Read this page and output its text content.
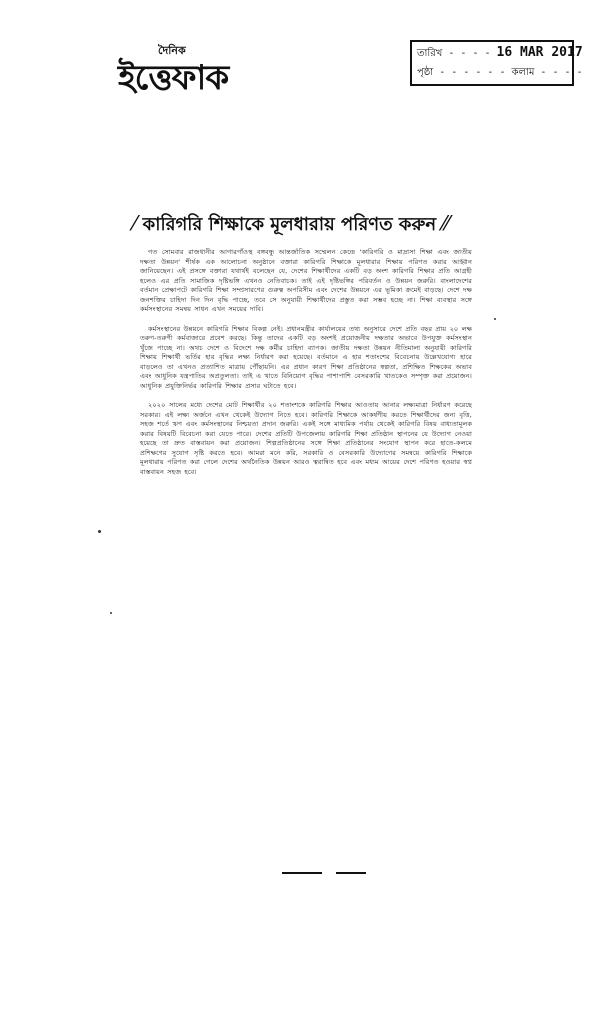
দৈনিক
ইত্তেফাক
তারিখ - - - - 16 MAR 2017
পৃষ্ঠা - - - - - - কলাম - - - -
⁄ কারিগরি শিক্ষাকে মূলধারায় পরিণত করুন ⁄⁄

গত সোমবার রাজধানীর আগারগাঁওস্থ বঙ্গবন্ধু আন্তর্জাতিক সম্মেলন কেন্দ্রে 'কারিগরি ও মাদ্রাসা শিক্ষা এবং জাতীয় দক্ষতা উন্নয়ন' শীর্ষক এক আলোচনা অনুষ্ঠানে বক্তারা কারিগরি শিক্ষাকে মূলধারার শিক্ষায় পরিণত করার আহ্বান জানিয়েছেন। এই প্রসঙ্গে বক্তারা যথার্থই বলেছেন যে, দেশের শিক্ষার্থীদের একটি বড় অংশ কারিগরি শিক্ষার প্রতি আগ্রহী হলেও এর প্রতি সামাজিক দৃষ্টিভঙ্গি এখনও নেতিবাচক। তাই এই দৃষ্টিভঙ্গির পরিবর্তন ও উন্নয়ন জরুরি। বাংলাদেশের বর্তমান প্রেক্ষাপটে কারিগরি শিক্ষা সম্প্রসারণের গুরুত্ব অপরিসীম এবং দেশের উন্নয়নে এর ভূমিকা ক্রমেই বাড়ছে। দেশে দক্ষ জনশক্তির চাহিদা দিন দিন বৃদ্ধি পাচ্ছে, তবে সে অনুযায়ী শিক্ষার্থীদের প্রস্তুত করা সম্ভব হচ্ছে না। শিক্ষা ব্যবস্থার সঙ্গে কর্মসংস্থানের সমন্বয় সাধন এখন সময়ের দাবি।

কর্মসংস্থানের উন্নয়নে কারিগরি শিক্ষার বিকল্প নেই। প্রধানমন্ত্রীর কার্যালয়ের তথ্য অনুসারে দেশে প্রতি বছর প্রায় ২০ লক্ষ তরুণ-তরুণী কর্মবাজারে প্রবেশ করছে। কিন্তু তাদের একটি বড় অংশই প্রয়োজনীয় দক্ষতার অভাবে উপযুক্ত কর্মসংস্থান খুঁজে পাচ্ছে না। অথচ দেশে ও বিদেশে দক্ষ কর্মীর চাহিদা ব্যাপক। জাতীয় দক্ষতা উন্নয়ন নীতিমালা অনুযায়ী কারিগরি শিক্ষায় শিক্ষার্থী ভর্তির হার বৃদ্ধির লক্ষ্য নির্ধারণ করা হয়েছে। বর্তমানে এ হার শতাংশের বিবেচনায় উল্লেখযোগ্য হারে বাড়লেও তা এখনও প্রত্যাশিত মাত্রায় পৌঁছায়নি। এর প্রধান কারণ শিক্ষা প্রতিষ্ঠানের স্বল্পতা, প্রশিক্ষিত শিক্ষকের অভাব এবং আধুনিক যন্ত্রপাতির অপ্রতুলতা। তাই এ খাতে বিনিয়োগ বৃদ্ধির পাশাপাশি বেসরকারি খাতকেও সম্পৃক্ত করা প্রয়োজন। আধুনিক প্রযুক্তিনির্ভর কারিগরি শিক্ষার প্রসার ঘটাতে হবে।

২০২০ সালের মধ্যে দেশের মোট শিক্ষার্থীর ২০ শতাংশকে কারিগরি শিক্ষার আওতায় আনার লক্ষ্যমাত্রা নির্ধারণ করেছে সরকার। এই লক্ষ্য অর্জনে এখন থেকেই উদ্যোগ নিতে হবে। কারিগরি শিক্ষাকে আকর্ষণীয় করতে শিক্ষার্থীদের জন্য বৃত্তি, সহজ শর্তে ঋণ এবং কর্মসংস্থানের নিশ্চয়তা প্রদান জরুরি। একই সঙ্গে মাধ্যমিক পর্যায় থেকেই কারিগরি বিষয় বাধ্যতামূলক করার বিষয়টি বিবেচনা করা যেতে পারে। দেশের প্রতিটি উপজেলায় কারিগরি শিক্ষা প্রতিষ্ঠান স্থাপনের যে উদ্যোগ নেওয়া হয়েছে তা দ্রুত বাস্তবায়ন করা প্রয়োজন। শিল্পপ্রতিষ্ঠানের সঙ্গে শিক্ষা প্রতিষ্ঠানের সংযোগ স্থাপন করে হাতে-কলমে প্রশিক্ষণের সুযোগ সৃষ্টি করতে হবে। আমরা মনে করি, সরকারি ও বেসরকারি উদ্যোগের সমন্বয়ে কারিগরি শিক্ষাকে মূলধারায় পরিণত করা গেলে দেশের অর্থনৈতিক উন্নয়ন আরও ত্বরান্বিত হবে এবং মধ্যম আয়ের দেশে পরিণত হওয়ার স্বপ্ন বাস্তবায়ন সহজ হবে।
